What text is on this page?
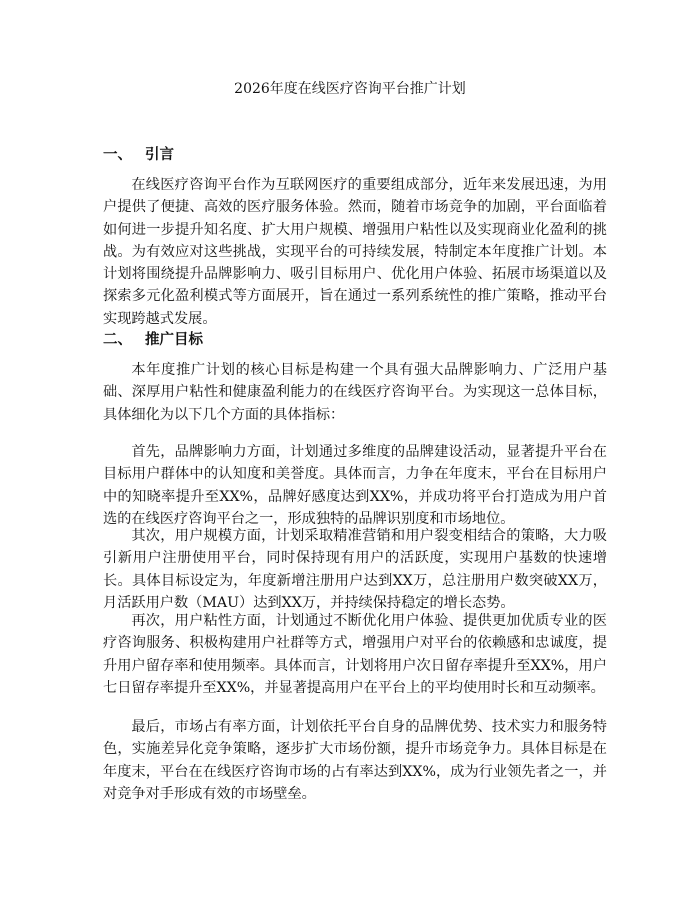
2026年度在线医疗咨询平台推广计划
一、 引言

在线医疗咨询平台作为互联网医疗的重要组成部分，近年来发展迅速，为用户提供了便捷、高效的医疗服务体验。然而，随着市场竞争的加剧，平台面临着如何进一步提升知名度、扩大用户规模、增强用户粘性以及实现商业化盈利的挑战。为有效应对这些挑战，实现平台的可持续发展，特制定本年度推广计划。本计划将围绕提升品牌影响力、吸引目标用户、优化用户体验、拓展市场渠道以及探索多元化盈利模式等方面展开，旨在通过一系列系统性的推广策略，推动平台实现跨越式发展。

二、 推广目标

本年度推广计划的核心目标是构建一个具有强大品牌影响力、广泛用户基础、深厚用户粘性和健康盈利能力的在线医疗咨询平台。为实现这一总体目标，具体细化为以下几个方面的具体指标：

首先，品牌影响力方面，计划通过多维度的品牌建设活动，显著提升平台在目标用户群体中的认知度和美誉度。具体而言，力争在年度末，平台在目标用户中的知晓率提升至XX%，品牌好感度达到XX%，并成功将平台打造成为用户首选的在线医疗咨询平台之一，形成独特的品牌识别度和市场地位。

其次，用户规模方面，计划采取精准营销和用户裂变相结合的策略，大力吸引新用户注册使用平台，同时保持现有用户的活跃度，实现用户基数的快速增长。具体目标设定为，年度新增注册用户达到XX万，总注册用户数突破XX万，月活跃用户数（MAU）达到XX万，并持续保持稳定的增长态势。

再次，用户粘性方面，计划通过不断优化用户体验、提供更加优质专业的医疗咨询服务、积极构建用户社群等方式，增强用户对平台的依赖感和忠诚度，提升用户留存率和使用频率。具体而言，计划将用户次日留存率提升至XX%，用户七日留存率提升至XX%，并显著提高用户在平台上的平均使用时长和互动频率。

最后，市场占有率方面，计划依托平台自身的品牌优势、技术实力和服务特色，实施差异化竞争策略，逐步扩大市场份额，提升市场竞争力。具体目标是在年度末，平台在在线医疗咨询市场的占有率达到XX%，成为行业领先者之一，并对竞争对手形成有效的市场壁垒。
